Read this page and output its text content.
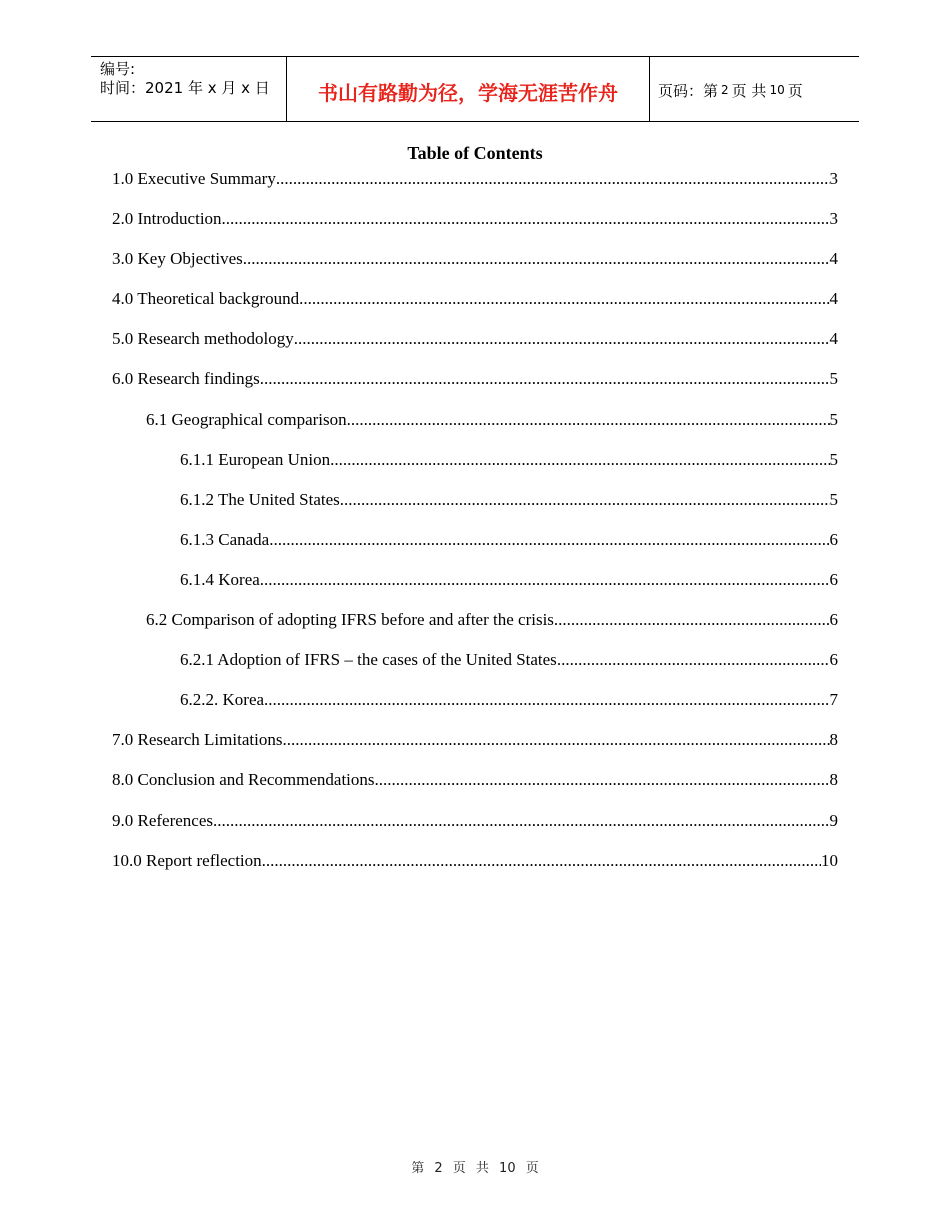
编号:
时间：2021 年 x 月 x 日	书山有路勤为径，学海无涯苦作舟	页码：第 2 页 共 10 页
Table of Contents
1.0 Executive Summary .....	3
2.0 Introduction .....	3
3.0 Key Objectives .....	4
4.0 Theoretical background .....	4
5.0 Research methodology .....	4
6.0 Research findings .....	5
6.1 Geographical comparison .....	5
6.1.1 European Union .....	5
6.1.2 The United States .....	5
6.1.3 Canada .....	6
6.1.4 Korea .....	6
6.2 Comparison of adopting IFRS before and after the crisis .....	6
6.2.1 Adoption of IFRS – the cases of the United States .....	6
6.2.2. Korea .....	7
7.0 Research Limitations .....	8
8.0 Conclusion and Recommendations .....	8
9.0 References .....	9
10.0 Report reflection .....	10
第 2 页 共 10 页
